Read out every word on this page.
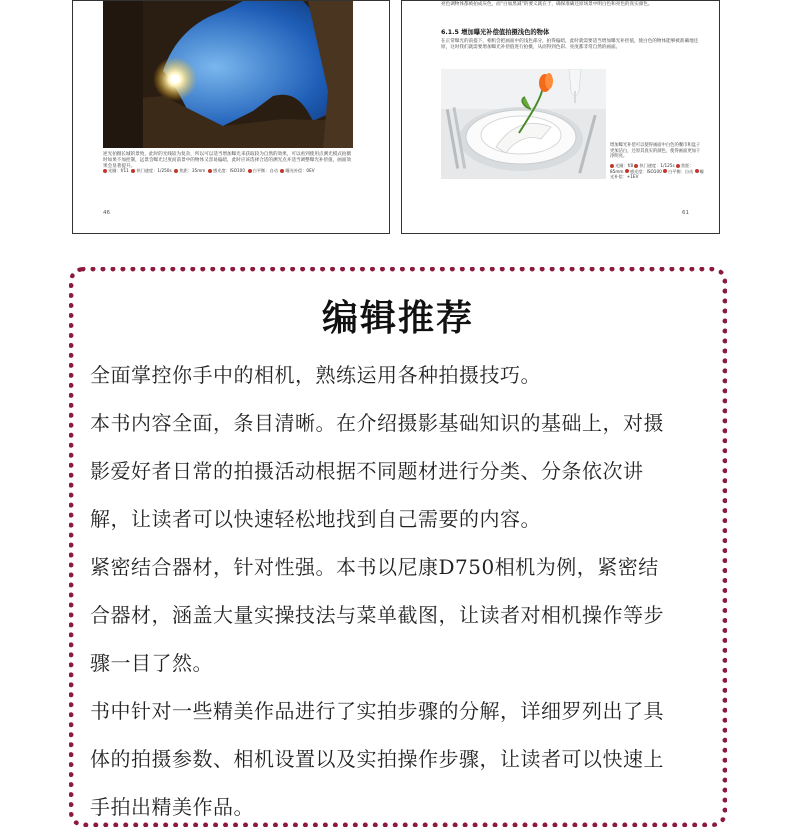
逆光拍摄长城的景致，此时的光线较为复杂，所以可以适当增加曝光来获取较为自然的效果，可以看到使用点测光模式拍摄时如果不加控制，远景会曝光过度而前景中的物体又容易偏暗，此时应该选择合适的测光点并适当调整曝光补偿值，画面效果会显著提升。
光圈：f/11 快门速度：1/250s 焦距：35mm 感光度：ISO100 白平衡：自动 曝光补偿：0EV
46
亮色调物体都被拍成灰色，而“白加黑减”的要义就在于，确保准确还原场景中明白色和亮色的真实颜色。
6.1.5 增加曝光补偿值拍摄浅色的物体
在正常曝光的前提下，相机会把画面中的浅色部分，拍得偏暗，此时就需要适当增加曝光补偿值，使白色的物体能够被准确地还原，这时我们就需要增加曝光补偿值进行拍摄，从而得到色彩、亮度都非常自然的画面。
增加曝光补偿可以使得画面中白色的餐巾和盘子更加洁白，还原其真实的颜色，使得画面更加干净明亮。
光圈：f/8 快门速度：1/125s 焦距：85mm 感光度：ISO100 白平衡：自动 曝光补偿：+1EV
61
编辑推荐
全面掌控你手中的相机，熟练运用各种拍摄技巧。
本书内容全面，条目清晰。在介绍摄影基础知识的基础上，对摄
影爱好者日常的拍摄活动根据不同题材进行分类、分条依次讲
解，让读者可以快速轻松地找到自己需要的内容。
紧密结合器材，针对性强。本书以尼康D750相机为例，紧密结
合器材，涵盖大量实操技法与菜单截图，让读者对相机操作等步
骤一目了然。
书中针对一些精美作品进行了实拍步骤的分解，详细罗列出了具
体的拍摄参数、相机设置以及实拍操作步骤，让读者可以快速上
手拍出精美作品。
